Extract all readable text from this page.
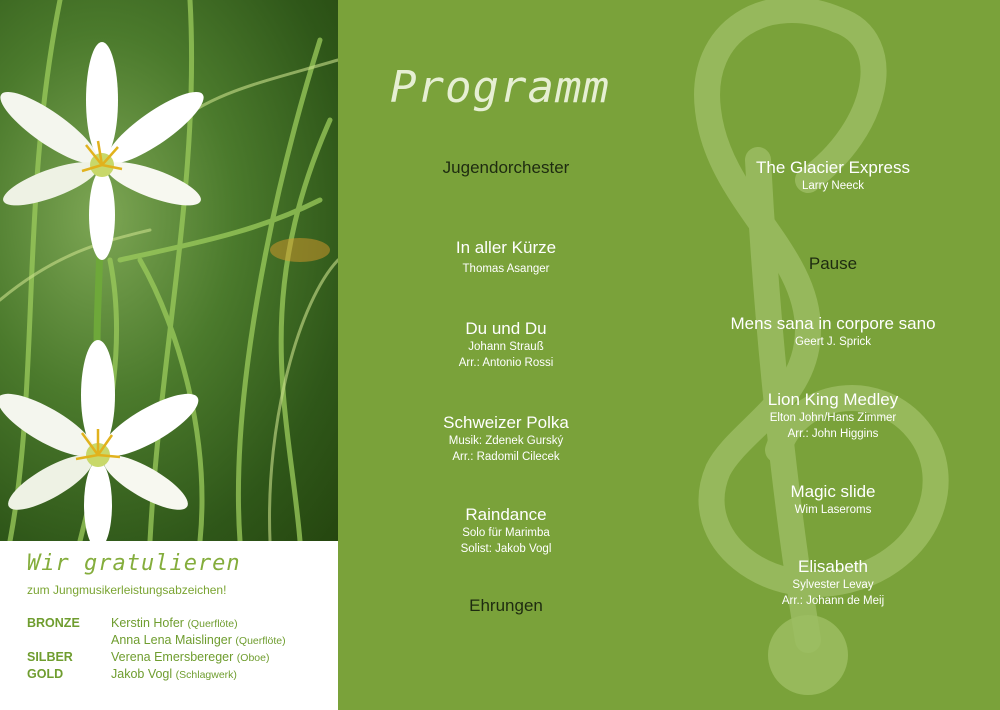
Wir gratulieren
zum Jungmusikerleistungsabzeichen!
BRONZE Kerstin Hofer (Querflöte)
Anna Lena Maislinger (Querflöte)
SILBER	Verena Emersbereger (Oboe)
GOLD	Jakob Vogl (Schlagwerk)
Programm
Jugendorchester
In aller Kürze
Thomas Asanger
Du und Du
Johann Strauß
Arr.: Antonio Rossi
Schweizer Polka
Musik: Zdenek Gurský
Arr.: Radomil Cilecek
Raindance
Solo für Marimba
Solist: Jakob Vogl
Ehrungen
The Glacier Express
Larry Neeck
Pause
Mens sana in corpore sano
Geert J. Sprick
Lion King Medley
Elton John/Hans Zimmer
Arr.: John Higgins
Magic slide
Wim Laseroms
Elisabeth
Sylvester Levay
Arr.: Johann de Meij
